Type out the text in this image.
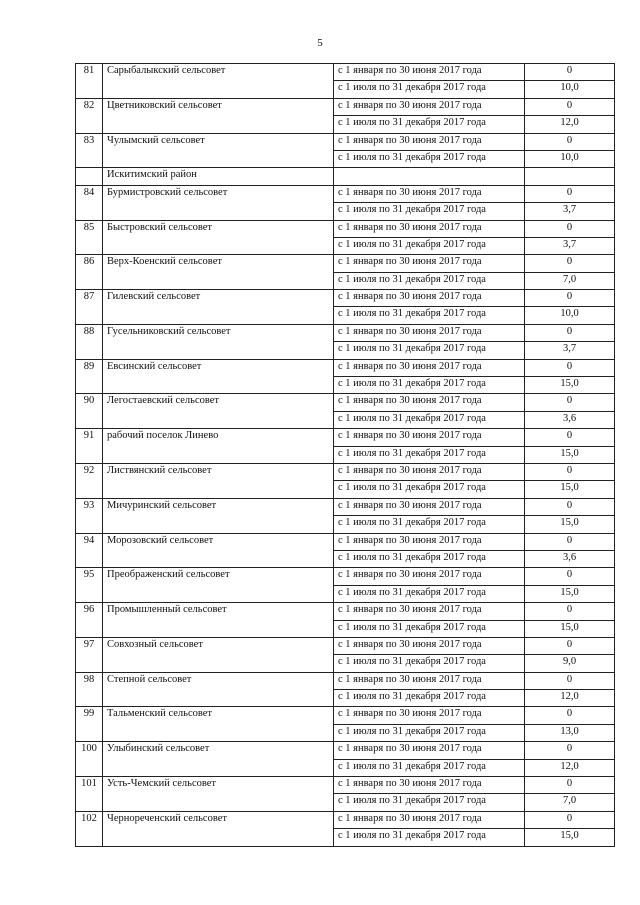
5
81	Сарыбалыкский сельсовет	с 1 января по 30 июня 2017 года	0
		с 1 июля по 31 декабря 2017 года	10,0
82	Цветниковский сельсовет	с 1 января по 30 июня 2017 года	0
		с 1 июля по 31 декабря 2017 года	12,0
83	Чулымский сельсовет	с 1 января по 30 июня 2017 года	0
		с 1 июля по 31 декабря 2017 года	10,0
	Искитимский район		
84	Бурмистровский сельсовет	с 1 января по 30 июня 2017 года	0
		с 1 июля по 31 декабря 2017 года	3,7
85	Быстровский сельсовет	с 1 января по 30 июня 2017 года	0
		с 1 июля по 31 декабря 2017 года	3,7
86	Верх-Коенский сельсовет	с 1 января по 30 июня 2017 года	0
		с 1 июля по 31 декабря 2017 года	7,0
87	Гилевский сельсовет	с 1 января по 30 июня 2017 года	0
		с 1 июля по 31 декабря 2017 года	10,0
88	Гусельниковский сельсовет	с 1 января по 30 июня 2017 года	0
		с 1 июля по 31 декабря 2017 года	3,7
89	Евсинский сельсовет	с 1 января по 30 июня 2017 года	0
		с 1 июля по 31 декабря 2017 года	15,0
90	Легостаевский сельсовет	с 1 января по 30 июня 2017 года	0
		с 1 июля по 31 декабря 2017 года	3,6
91	рабочий поселок Линево	с 1 января по 30 июня 2017 года	0
		с 1 июля по 31 декабря 2017 года	15,0
92	Листвянский сельсовет	с 1 января по 30 июня 2017 года	0
		с 1 июля по 31 декабря 2017 года	15,0
93	Мичуринский сельсовет	с 1 января по 30 июня 2017 года	0
		с 1 июля по 31 декабря 2017 года	15,0
94	Морозовский сельсовет	с 1 января по 30 июня 2017 года	0
		с 1 июля по 31 декабря 2017 года	3,6
95	Преображенский сельсовет	с 1 января по 30 июня 2017 года	0
		с 1 июля по 31 декабря 2017 года	15,0
96	Промышленный сельсовет	с 1 января по 30 июня 2017 года	0
		с 1 июля по 31 декабря 2017 года	15,0
97	Совхозный сельсовет	с 1 января по 30 июня 2017 года	0
		с 1 июля по 31 декабря 2017 года	9,0
98	Степной сельсовет	с 1 января по 30 июня 2017 года	0
		с 1 июля по 31 декабря 2017 года	12,0
99	Тальменский сельсовет	с 1 января по 30 июня 2017 года	0
		с 1 июля по 31 декабря 2017 года	13,0
100	Улыбинский сельсовет	с 1 января по 30 июня 2017 года	0
		с 1 июля по 31 декабря 2017 года	12,0
101	Усть-Чемский сельсовет	с 1 января по 30 июня 2017 года	0
		с 1 июля по 31 декабря 2017 года	7,0
102	Чернореченский сельсовет	с 1 января по 30 июня 2017 года	0
		с 1 июля по 31 декабря 2017 года	15,0
